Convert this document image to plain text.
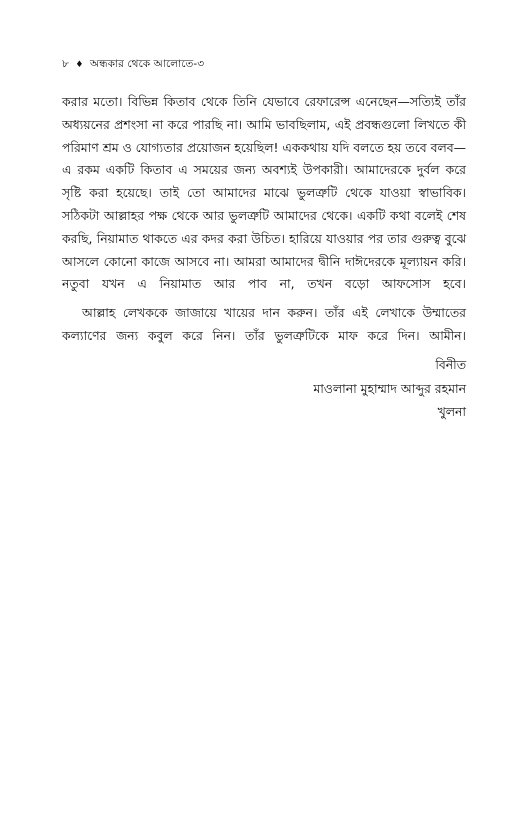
৮ ♦ অন্ধকার থেকে আলোতে-৩

করার মতো। বিভিন্ন কিতাব থেকে তিনি যেভাবে রেফারেন্স এনেছেন—সত্যিই তাঁর অধ্যয়নের প্রশংসা না করে পারছি না। আমি ভাবছিলাম, এই প্রবন্ধগুলো লিখতে কী পরিমাণ শ্রম ও যোগ্যতার প্রয়োজন হয়েছিল! এককথায় যদি বলতে হয় তবে বলব— এ রকম একটি কিতাব এ সময়ের জন্য অবশ্যই উপকারী। আমাদেরকে দুর্বল করে সৃষ্টি করা হয়েছে। তাই তো আমাদের মাঝে ভুলত্রুটি থেকে যাওয়া স্বাভাবিক। সঠিকটা আল্লাহর পক্ষ থেকে আর ভুলত্রুটি আমাদের থেকে। একটি কথা বলেই শেষ করছি, নিয়ামাত থাকতে এর কদর করা উচিত। হারিয়ে যাওয়ার পর তার গুরুত্ব বুঝে আসলে কোনো কাজে আসবে না। আমরা আমাদের দ্বীনি দাঈদেরকে মূল্যায়ন করি। নতুবা যখন এ নিয়ামাত আর পাব না, তখন বড়ো আফসোস হবে।

আল্লাহ লেখককে জাজায়ে খায়ের দান করুন। তাঁর এই লেখাকে উম্মাতের কল্যাণের জন্য কবুল করে নিন। তাঁর ভুলত্রুটিকে মাফ করে দিন। আমীন।

বিনীত
মাওলানা মুহাম্মাদ আব্দুর রহমান
খুলনা
